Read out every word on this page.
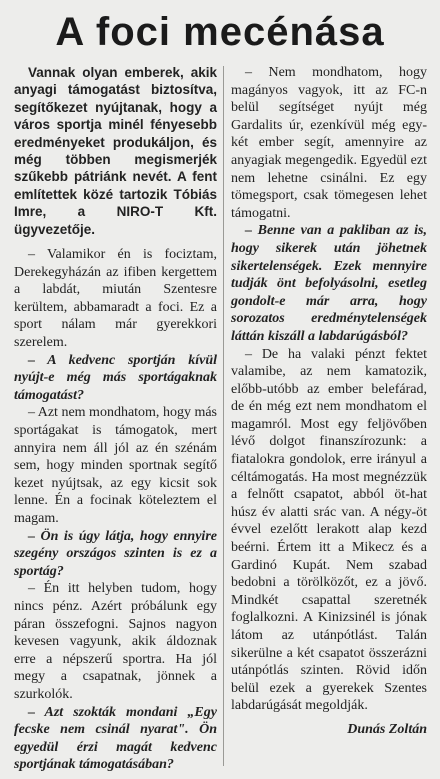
A foci mecénása

Vannak olyan emberek, akik anyagi támogatást biztosítva, segítőkezet nyújtanak, hogy a város sportja minél fényesebb eredményeket produkáljon, és még többen megismerjék szűkebb pátriánk nevét. A fent említettek közé tartozik Tóbiás Imre, a NIRO-T Kft. ügyvezetője.

– Valamikor én is fociztam, Derekegyházán az ifiben kergettem a labdát, miután Szentesre kerültem, abbamaradt a foci. Ez a sport nálam már gyerekkori szerelem.

– A kedvenc sportján kívül nyújt-e még más sportágaknak támogatást?

– Azt nem mondhatom, hogy más sportágakat is támogatok, mert annyira nem áll jól az én szénám sem, hogy minden sportnak segítő kezet nyújtsak, az egy kicsit sok lenne. Én a focinak köteleztem el magam.

– Ön is úgy látja, hogy ennyire szegény országos szinten is ez a sportág?

– Én itt helyben tudom, hogy nincs pénz. Azért próbálunk egy páran összefogni. Sajnos nagyon kevesen vagyunk, akik áldoznak erre a népszerű sportra. Ha jól megy a csapatnak, jönnek a szurkolók.

– Azt szokták mondani „Egy fecske nem csinál nyarat". Ön egyedül érzi magát kedvenc sportjának támogatásában?

– Nem mondhatom, hogy magányos vagyok, itt az FC-n belül segítséget nyújt még Gardalits úr, ezenkívül még egy-két ember segít, amennyire az anyagiak megengedik. Egyedül ezt nem lehetne csinálni. Ez egy tömegsport, csak tömegesen lehet támogatni.

– Benne van a pakliban az is, hogy sikerek után jöhetnek sikertelenségek. Ezek mennyire tudják önt befolyásolni, esetleg gondolt-e már arra, hogy sorozatos eredménytelenségek láttán kiszáll a labdarúgásból?

– De ha valaki pénzt fektet valamibe, az nem kamatozik, előbb-utóbb az ember belefárad, de én még ezt nem mondhatom el magamról. Most egy feljövőben lévő dolgot finanszírozunk: a fiatalokra gondolok, erre irányul a céltámogatás. Ha most megnézzük a felnőtt csapatot, abból öt-hat húsz év alatti srác van. A négy-öt évvel ezelőtt lerakott alap kezd beérni. Értem itt a Mikecz és a Gardinó Kupát. Nem szabad bedobni a törölközőt, ez a jövő. Mindkét csapattal szeretnék foglalkozni. A Kinizsinél is jónak látom az utánpótlást. Talán sikerülne a két csapatot összerázni utánpótlás szinten. Rövid időn belül ezek a gyerekek Szentes labdarúgását megoldják.

Dunás Zoltán
